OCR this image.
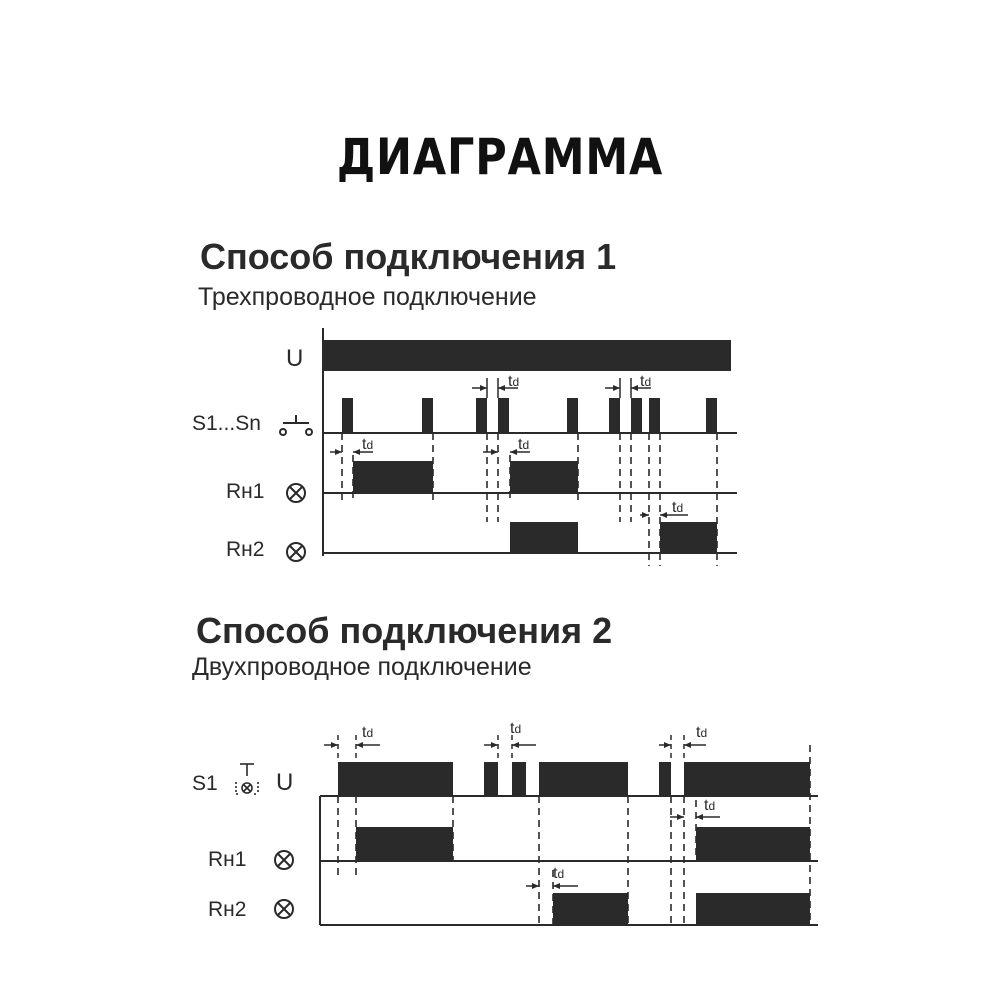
ДИАГРАММА
Способ подключения 1
Трехпроводное подключение
Способ подключения 2
Двухпроводное подключение
U
S1...Sn
Rн1
Rн2
td	td
td	td
td
S1 U
Rн1
Rн2
td	td	td
td
td
